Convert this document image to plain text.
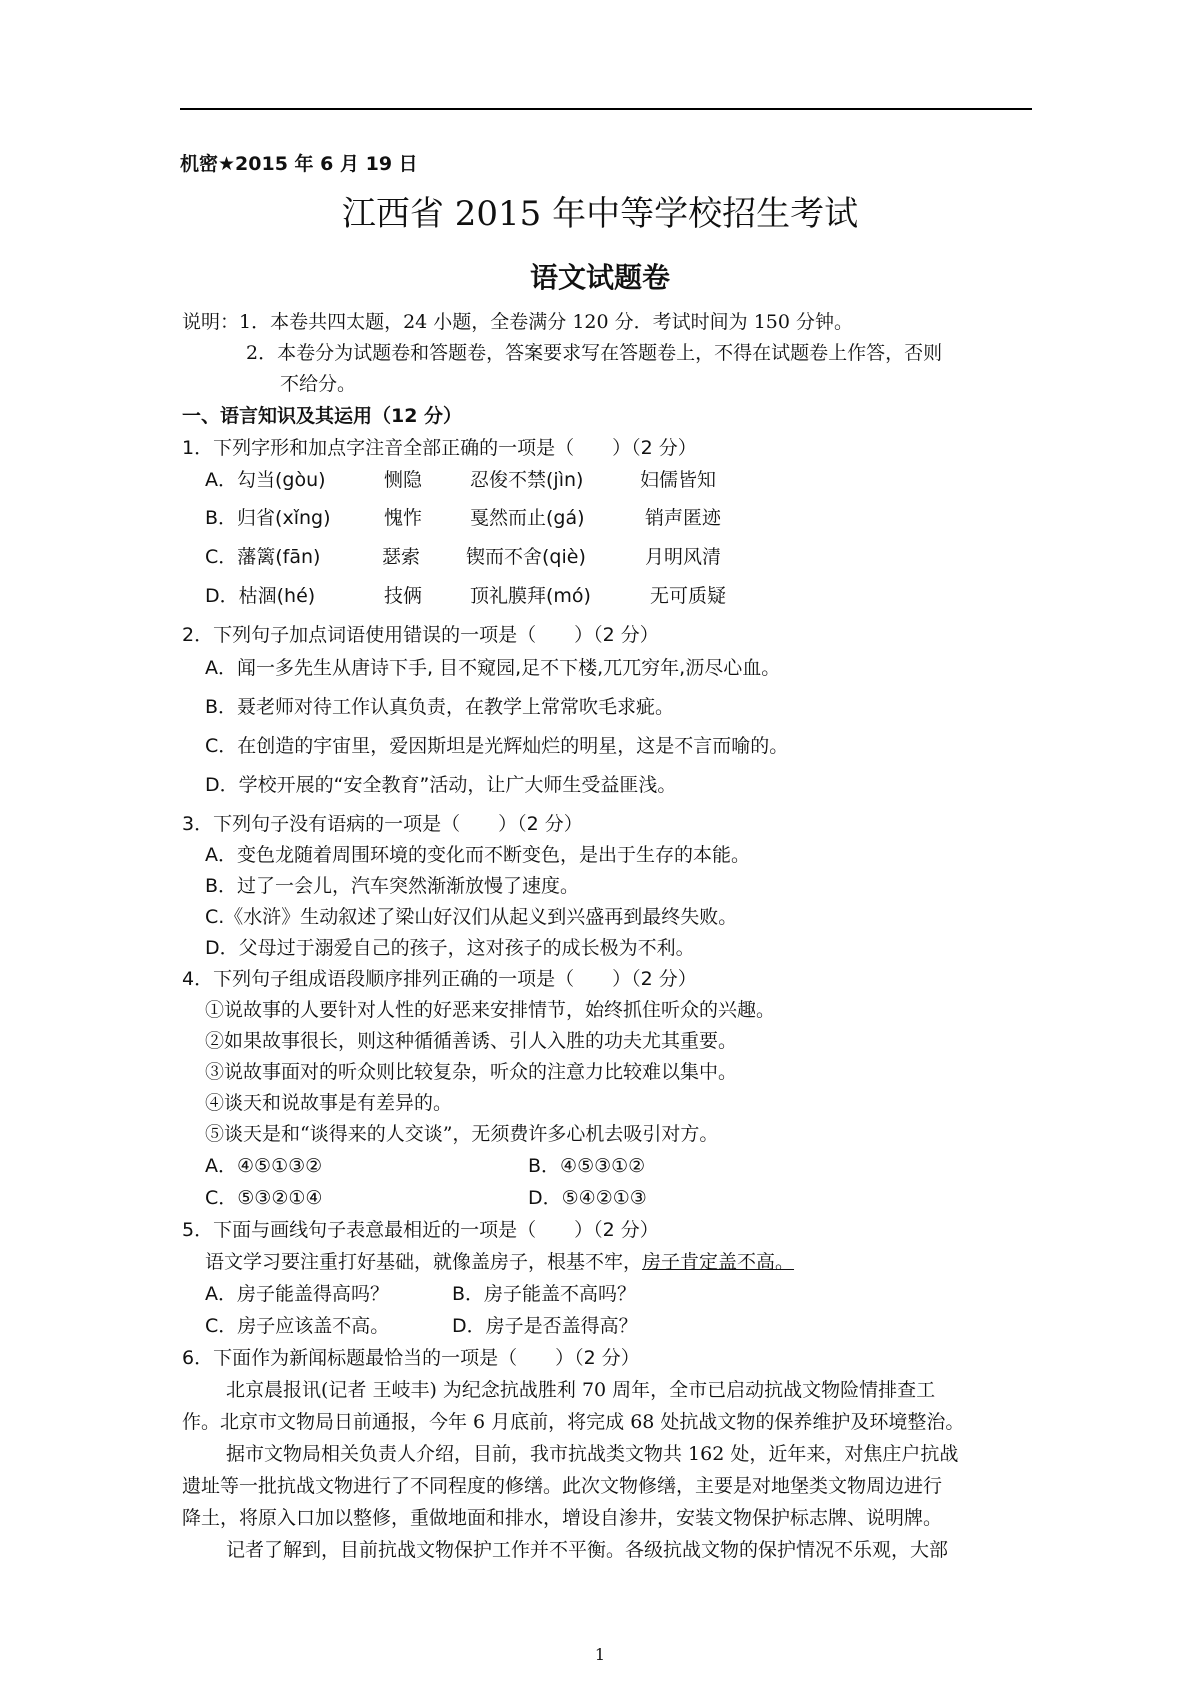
机密★2015 年 6 月 19 日
江西省 2015 年中等学校招生考试
语文试题卷
说明：1．本卷共四太题，24 小题，全卷满分 120 分．考试时间为 150 分钟。
2．本卷分为试题卷和答题卷，答案要求写在答题卷上，不得在试题卷上作答，否则
不给分。
一、语言知识及其运用（12 分）
1．下列字形和加点字注音全部正确的一项是（　　）（2 分）
A．勾当(gòu)	恻隐	忍俊不禁(jìn)	妇儒皆知
B．归省(xǐng)	愧怍	戛然而止(gá)	销声匿迹
C．藩篱(fān)	瑟索 锲而不舍(qiè)	月明风清
D．枯涸(hé)	技俩	顶礼膜拜(mó)	无可质疑
2．下列句子加点词语使用错误的一项是（　　）（2 分）
A．闻一多先生从唐诗下手, 目不窥园,足不下楼,兀兀穷年,沥尽心血。
B．聂老师对待工作认真负责，在教学上常常吹毛求疵。
C．在创造的宇宙里，爱因斯坦是光辉灿烂的明星，这是不言而喻的。
D．学校开展的“安全教育”活动，让广大师生受益匪浅。
3．下列句子没有语病的一项是（　　）（2 分）
A．变色龙随着周围环境的变化而不断变色，是出于生存的本能。
B．过了一会儿，汽车突然渐渐放慢了速度。
C.《水浒》生动叙述了梁山好汉们从起义到兴盛再到最终失败。
D．父母过于溺爱自己的孩子，这对孩子的成长极为不利。
4．下列句子组成语段顺序排列正确的一项是（　　）（2 分）
①说故事的人要针对人性的好恶来安排情节，始终抓住听众的兴趣。
②如果故事很长，则这种循循善诱、引人入胜的功夫尤其重要。
③说故事面对的听众则比较复杂，听众的注意力比较难以集中。
④谈天和说故事是有差异的。
⑤谈天是和“谈得来的人交谈”，无须费许多心机去吸引对方。
A．④⑤①③②	B．④⑤③①②
C．⑤③②①④	D．⑤④②①③
5．下面与画线句子表意最相近的一项是（　　）（2 分）
语文学习要注重打好基础，就像盖房子，根基不牢，房子肯定盖不高。
A．房子能盖得高吗？	B．房子能盖不高吗？
C．房子应该盖不高。	D．房子是否盖得高？
6．下面作为新闻标题最恰当的一项是（　　）（2 分）
北京晨报讯(记者 王岐丰) 为纪念抗战胜利 70 周年，全市已启动抗战文物险情排查工
作。北京市文物局日前通报，今年 6 月底前，将完成 68 处抗战文物的保养维护及环境整治。
据市文物局相关负责人介绍，目前，我市抗战类文物共 162 处，近年来，对焦庄户抗战
遗址等一批抗战文物进行了不同程度的修缮。此次文物修缮，主要是对地堡类文物周边进行
降土，将原入口加以整修，重做地面和排水，增设自渗井，安装文物保护标志牌、说明牌。
记者了解到，目前抗战文物保护工作并不平衡。各级抗战文物的保护情况不乐观，大部
1
